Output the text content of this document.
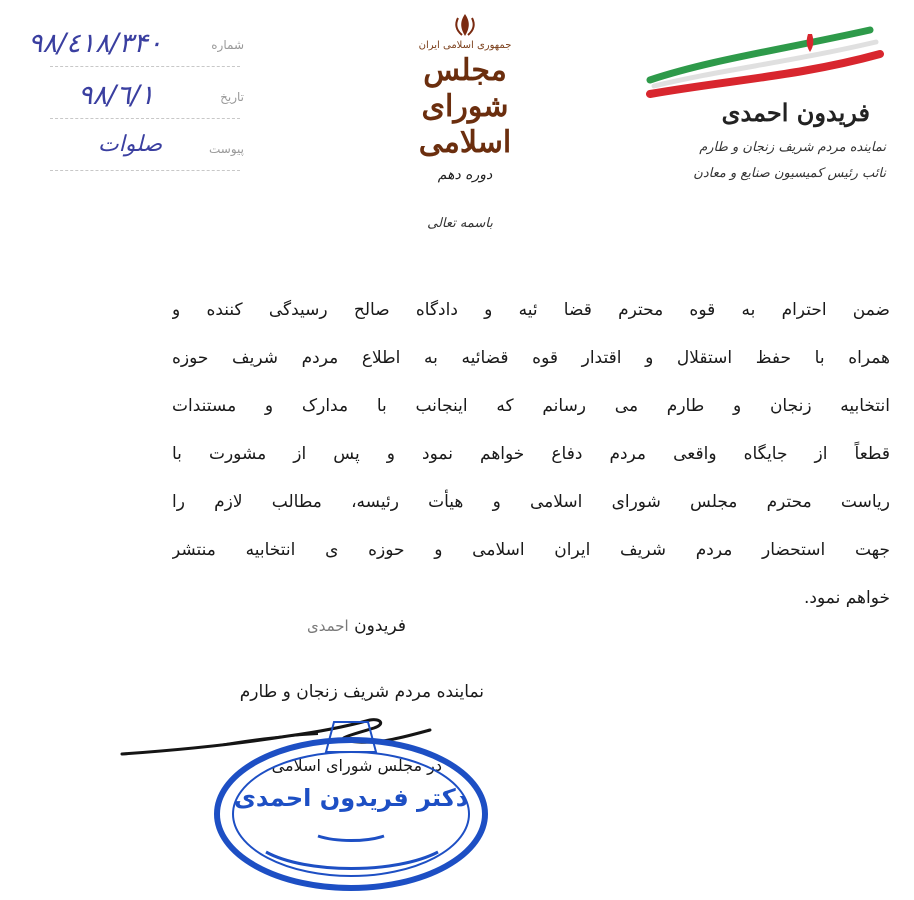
۹۸/٤۱۸/۳۴۰	شماره
۹۸/٦/۱	تاریخ
صلوات	پیوست
جمهوری اسلامی ایران
مجلس شورای اسلامی
دوره دهم
فریدون احمدی
نماینده مردم شریف زنجان و طارم
نائب رئیس کمیسیون صنایع و معادن
باسمه تعالی
ضمن احترام به قوه محترم قضا ئیه و دادگاه صالح رسیدگی کننده و
همراه با حفظ استقلال و اقتدار قوه قضائیه به اطلاع مردم شریف حوزه
انتخابیه زنجان و طارم می رسانم که اینجانب با مدارک و مستندات
قطعاً از جایگاه واقعی مردم دفاع خواهم نمود و پس از مشورت با
ریاست محترم مجلس شورای اسلامی و هیأت رئیسه، مطالب لازم را
جهت استحضار مردم شریف ایران اسلامی و حوزه ی انتخابیه منتشر
خواهم نمود.
فریدون احمدی
نماینده مردم شریف زنجان و طارم
در مجلس شورای اسلامی
دکتر فریدون احمدی
